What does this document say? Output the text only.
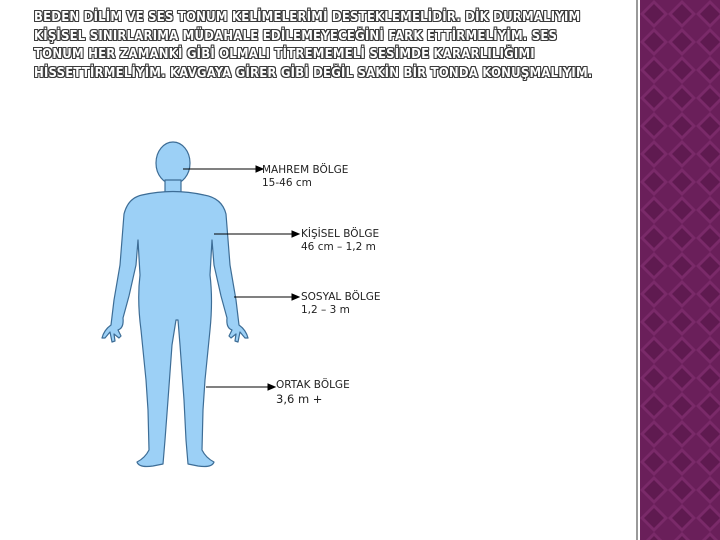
BEDEN DİLİM VE SES TONUM KELİMELERİMİ DESTEKLEMELİDİR. DİK DURMALIYIM KİŞİSEL SINIRLARIMA MÜDAHALE EDİLEMEYECEĞİNİ FARK ETTİRMELİYİM. SES TONUM HER ZAMANKİ GİBİ OLMALI TİTREMEMELİ SESİMDE KARARLILIĞIMI HİSSETTİRMELİYİM. KAVGAYA GİRER GİBİ DEĞİL SAKİN BİR TONDA KONUŞMALIYIM.

MAHREM BÖLGE
15-46 cm
KİŞİSEL BÖLGE
46 cm – 1,2 m
SOSYAL BÖLGE
1,2 – 3 m
ORTAK BÖLGE
3,6 m +
